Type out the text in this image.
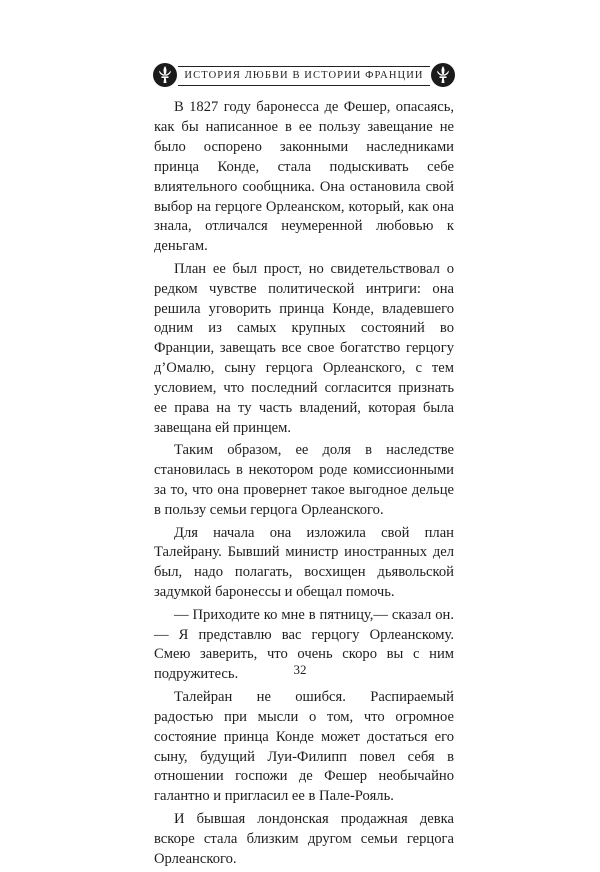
ИСТОРИЯ ЛЮБВИ В ИСТОРИИ ФРАНЦИИ

В 1827 году баронесса де Фешер, опасаясь, как бы написанное в ее пользу завещание не было оспорено законными наследниками принца Конде, стала подыскивать себе влиятельного сообщника. Она остановила свой выбор на герцоге Орлеанском, который, как она знала, отличался неумеренной любовью к деньгам.

План ее был прост, но свидетельствовал о редком чувстве политической интриги: она решила уговорить принца Конде, владевшего одним из самых крупных состояний во Франции, завещать все свое богатство герцогу д’Омалю, сыну герцога Орлеанского, с тем условием, что последний согласится признать ее права на ту часть владений, которая была завещана ей принцем.

Таким образом, ее доля в наследстве становилась в некотором роде комиссионными за то, что она провернет такое выгодное дельце в пользу семьи герцога Орлеанского.

Для начала она изложила свой план Талейрану. Бывший министр иностранных дел был, надо полагать, восхищен дьявольской задумкой баронессы и обещал помочь.

— Приходите ко мне в пятницу,— сказал он.— Я представлю вас герцогу Орлеанскому. Смею заверить, что очень скоро вы с ним подружитесь.

Талейран не ошибся. Распираемый радостью при мысли о том, что огромное состояние принца Конде может достаться его сыну, будущий Луи-Филипп повел себя в отношении госпожи де Фешер необычайно галантно и пригласил ее в Пале-Рояль.

И бывшая лондонская продажная девка вскоре стала близким другом семьи герцога Орлеанского.

32
